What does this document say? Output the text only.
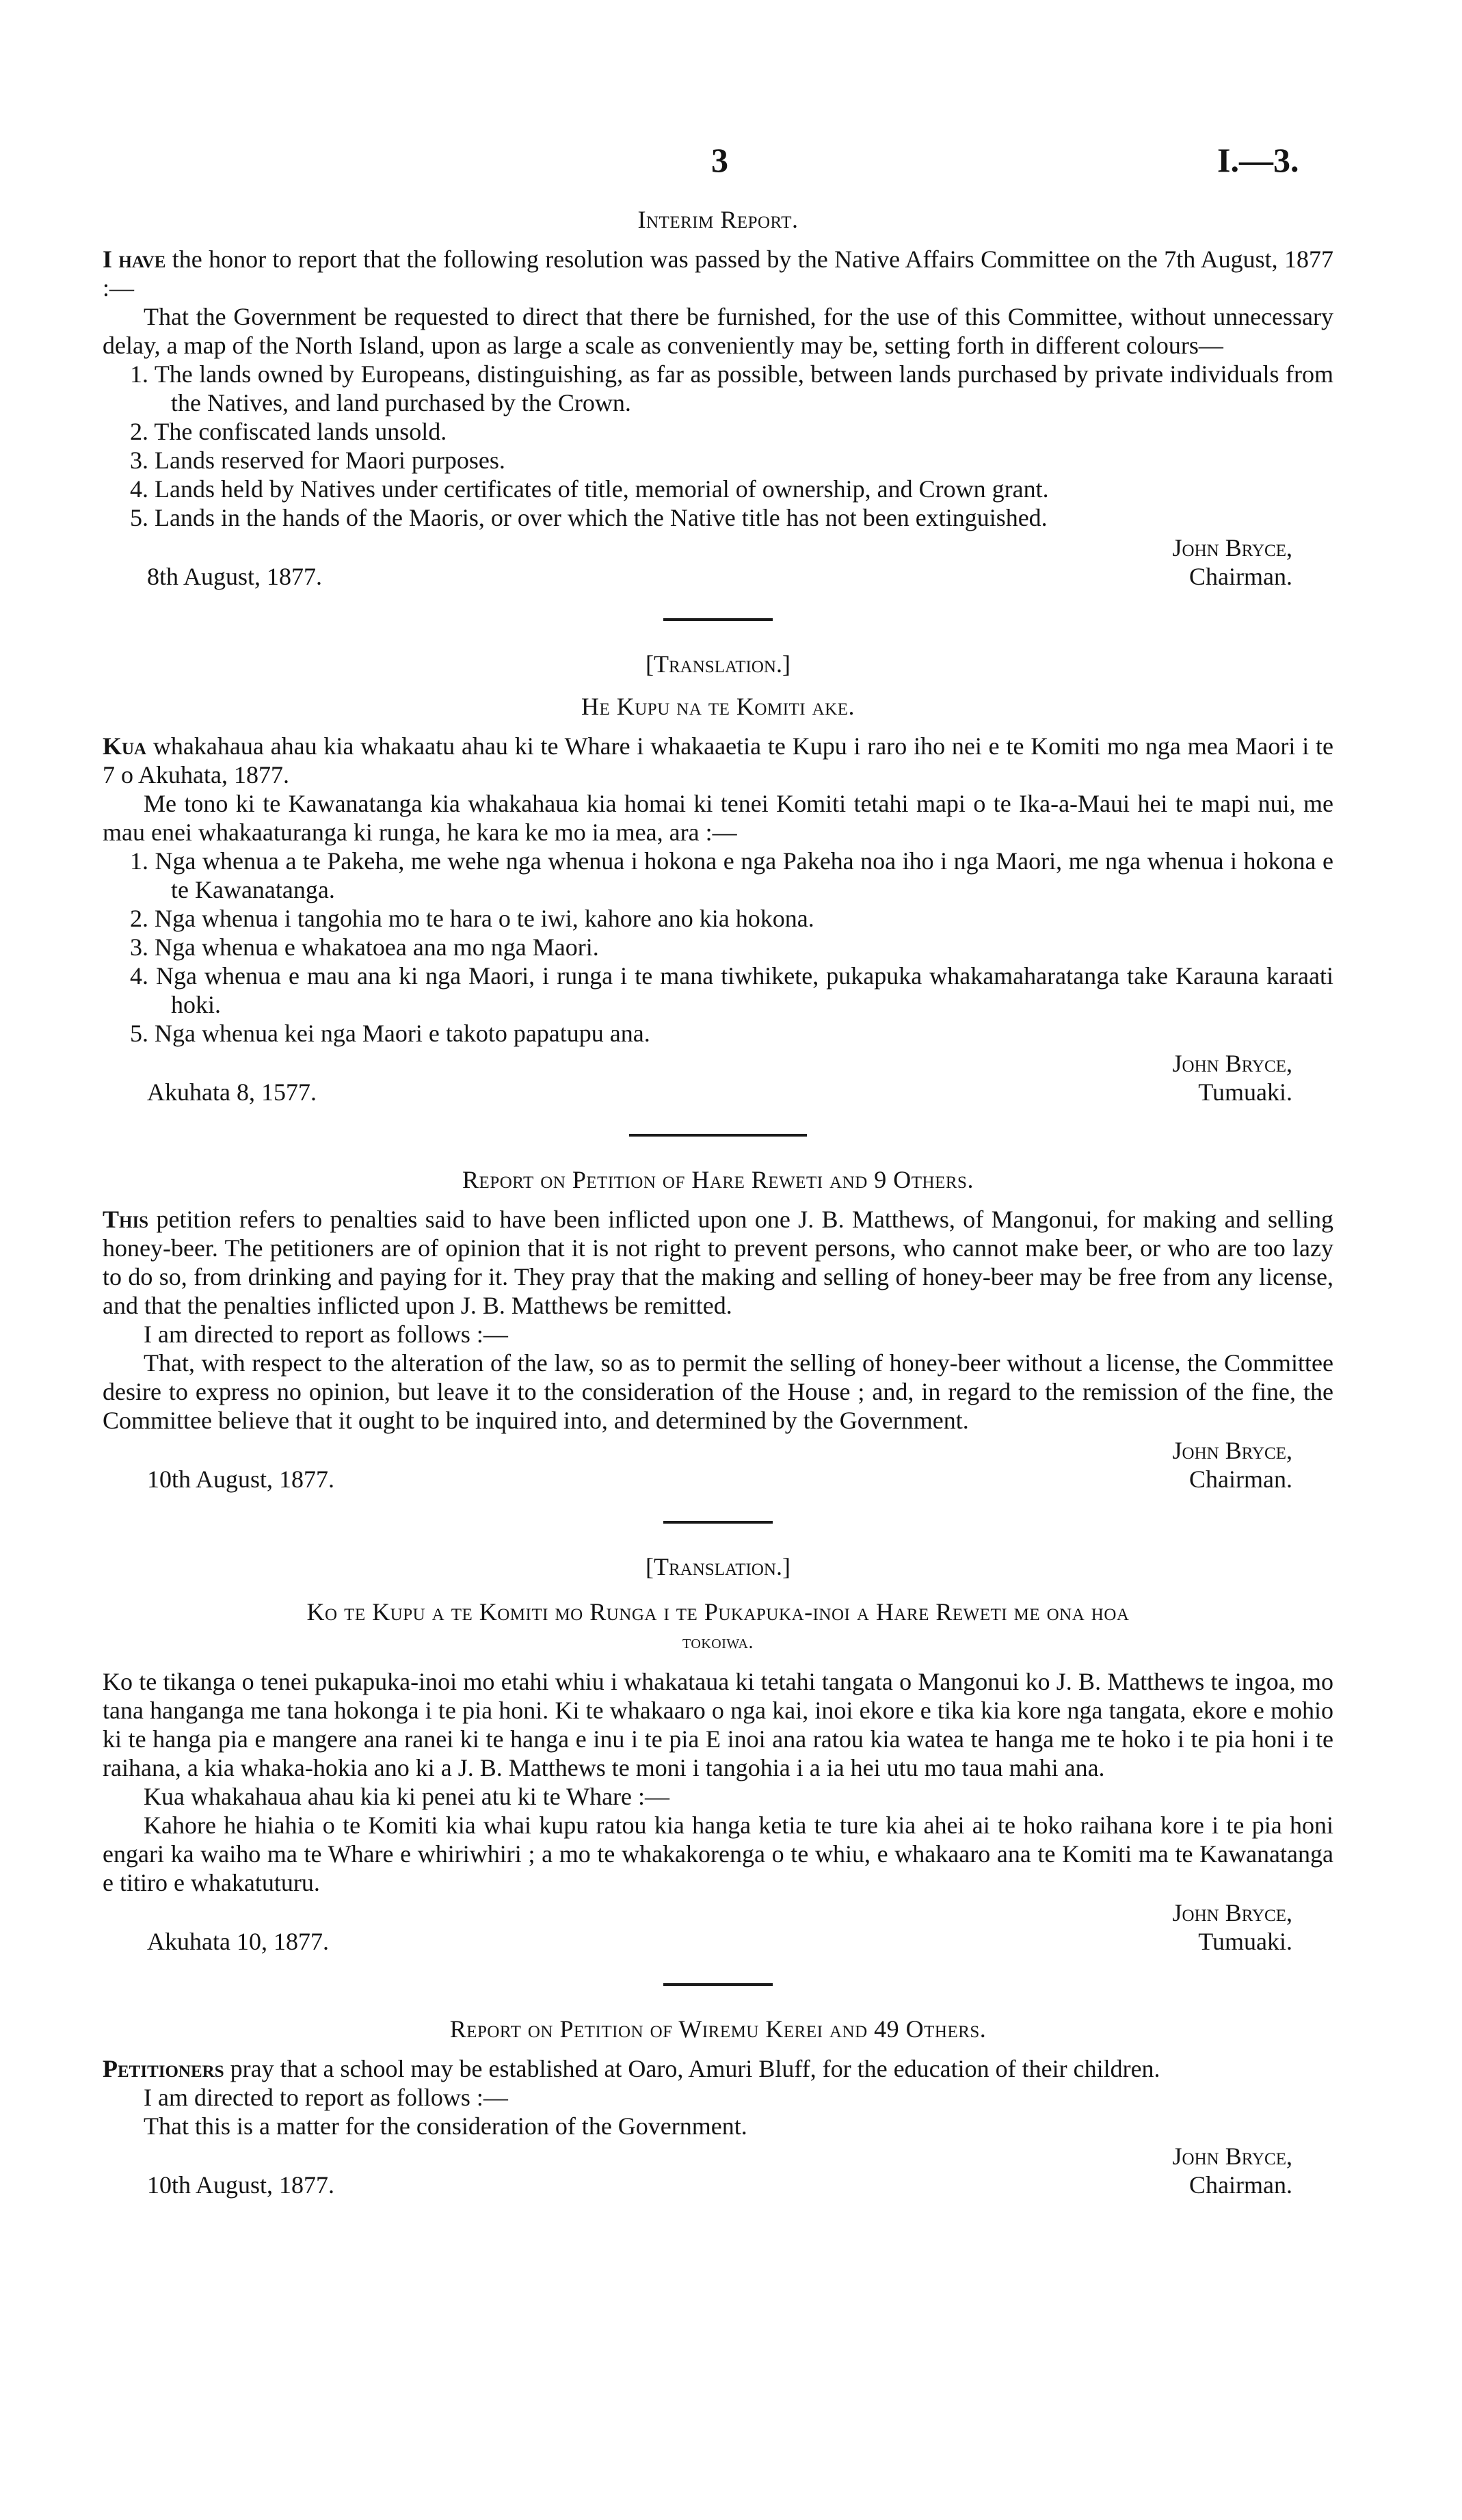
3	I.—3.
Interim Report.

I have the honor to report that the following resolution was passed by the Native Affairs Committee on the 7th August, 1877 :—

That the Government be requested to direct that there be furnished, for the use of this Committee, without unnecessary delay, a map of the North Island, upon as large a scale as conveniently may be, setting forth in different colours—

1. The lands owned by Europeans, distinguishing, as far as possible, between lands purchased by private individuals from the Natives, and land purchased by the Crown.

2. The confiscated lands unsold.

3. Lands reserved for Maori purposes.

4. Lands held by Natives under certificates of title, memorial of ownership, and Crown grant.

5. Lands in the hands of the Maoris, or over which the Native title has not been extinguished.

John Bryce,
8th August, 1877.	Chairman.
[Translation.]
He Kupu na te Komiti ake.

Kua whakahaua ahau kia whakaatu ahau ki te Whare i whakaaetia te Kupu i raro iho nei e te Komiti mo nga mea Maori i te 7 o Akuhata, 1877.

Me tono ki te Kawanatanga kia whakahaua kia homai ki tenei Komiti tetahi mapi o te Ika-a-Maui hei te mapi nui, me mau enei whakaaturanga ki runga, he kara ke mo ia mea, ara :—

1. Nga whenua a te Pakeha, me wehe nga whenua i hokona e nga Pakeha noa iho i nga Maori, me nga whenua i hokona e te Kawanatanga.

2. Nga whenua i tangohia mo te hara o te iwi, kahore ano kia hokona.

3. Nga whenua e whakatoea ana mo nga Maori.

4. Nga whenua e mau ana ki nga Maori, i runga i te mana tiwhikete, pukapuka whakamaharatanga take Karauna karaati hoki.

5. Nga whenua kei nga Maori e takoto papatupu ana.

John Bryce,
Akuhata 8, 1577.	Tumuaki.
Report on Petition of Hare Reweti and 9 Others.

This petition refers to penalties said to have been inflicted upon one J. B. Matthews, of Mangonui, for making and selling honey-beer. The petitioners are of opinion that it is not right to prevent persons, who cannot make beer, or who are too lazy to do so, from drinking and paying for it. They pray that the making and selling of honey-beer may be free from any license, and that the penalties inflicted upon J. B. Matthews be remitted.

I am directed to report as follows :—

That, with respect to the alteration of the law, so as to permit the selling of honey-beer without a license, the Committee desire to express no opinion, but leave it to the consideration of the House ; and, in regard to the remission of the fine, the Committee believe that it ought to be inquired into, and determined by the Government.

John Bryce,
10th August, 1877.	Chairman.
[Translation.]
Ko te Kupu a te Komiti mo Runga i te Pukapuka-inoi a Hare Reweti me ona hoa
tokoiwa.

Ko te tikanga o tenei pukapuka-inoi mo etahi whiu i whakataua ki tetahi tangata o Mangonui ko J. B. Matthews te ingoa, mo tana hanganga me tana hokonga i te pia honi. Ki te whakaaro o nga kai, inoi ekore e tika kia kore nga tangata, ekore e mohio ki te hanga pia e mangere ana ranei ki te hanga e inu i te pia E inoi ana ratou kia watea te hanga me te hoko i te pia honi i te raihana, a kia whaka-hokia ano ki a J. B. Matthews te moni i tangohia i a ia hei utu mo taua mahi ana.

Kua whakahaua ahau kia ki penei atu ki te Whare :—

Kahore he hiahia o te Komiti kia whai kupu ratou kia hanga ketia te ture kia ahei ai te hoko raihana kore i te pia honi engari ka waiho ma te Whare e whiriwhiri ; a mo te whakakorenga o te whiu, e whakaaro ana te Komiti ma te Kawanatanga e titiro e whakatuturu.

John Bryce,
Akuhata 10, 1877.	Tumuaki.
Report on Petition of Wiremu Kerei and 49 Others.

Petitioners pray that a school may be established at Oaro, Amuri Bluff, for the education of their children.

I am directed to report as follows :—

That this is a matter for the consideration of the Government.

John Bryce,
10th August, 1877.	Chairman.
